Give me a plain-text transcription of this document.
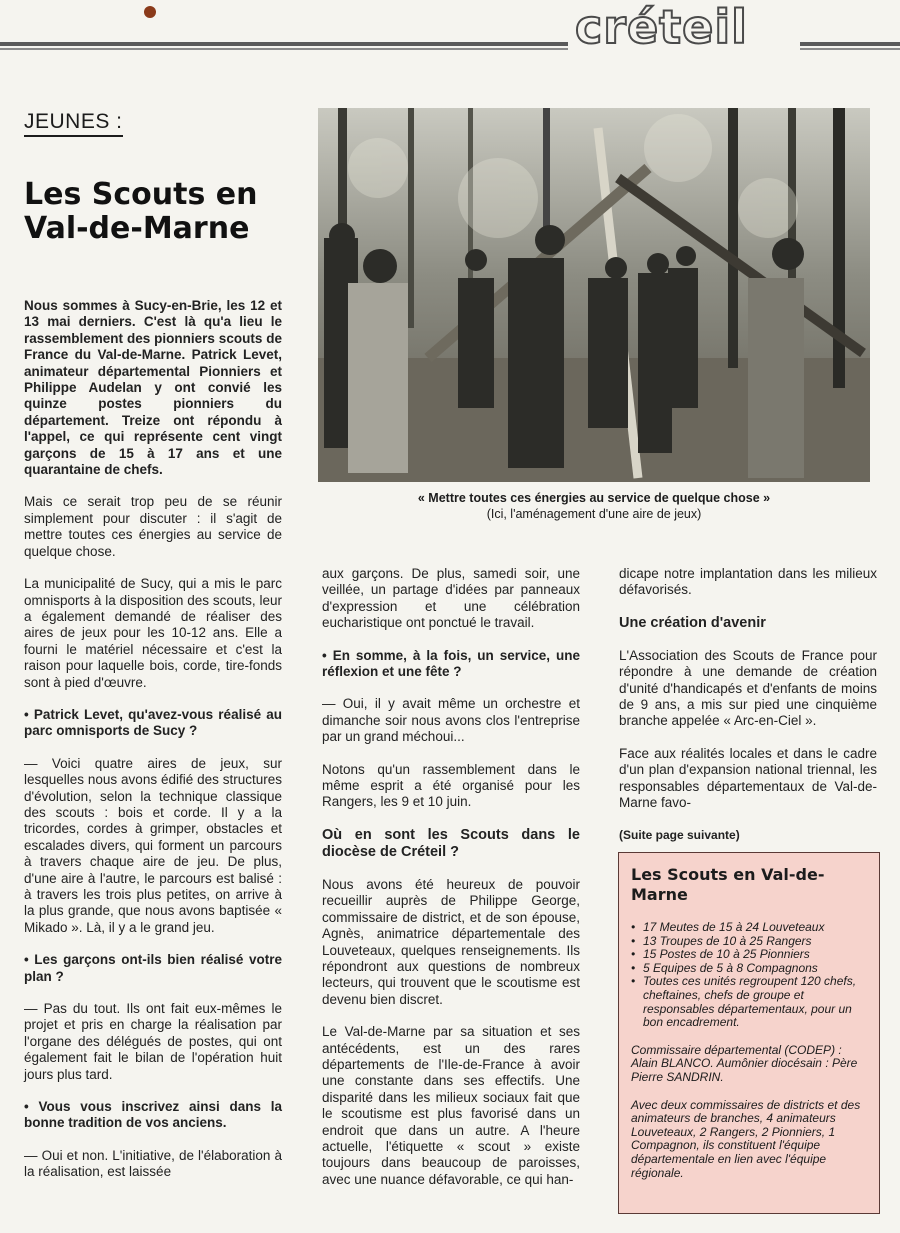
créteil
JEUNES :
Les Scouts en Val-de-Marne

Nous sommes à Sucy-en-Brie, les 12 et 13 mai derniers. C'est là qu'a lieu le rassemblement des pionniers scouts de France du Val-de-Marne. Patrick Levet, animateur départemental Pionniers et Philippe Audelan y ont convié les quinze postes pionniers du département. Treize ont répondu à l'appel, ce qui représente cent vingt garçons de 15 à 17 ans et une quarantaine de chefs.

Mais ce serait trop peu de se réunir simplement pour discuter : il s'agit de mettre toutes ces énergies au service de quelque chose.

La municipalité de Sucy, qui a mis le parc omnisports à la disposition des scouts, leur a également demandé de réaliser des aires de jeux pour les 10-12 ans. Elle a fourni le matériel nécessaire et c'est la raison pour laquelle bois, corde, tire-fonds sont à pied d'œuvre.

• Patrick Levet, qu'avez-vous réalisé au parc omnisports de Sucy ?

— Voici quatre aires de jeux, sur lesquelles nous avons édifié des structures d'évolution, selon la technique classique des scouts : bois et corde. Il y a la tricordes, cordes à grimper, obstacles et escalades divers, qui forment un parcours à travers chaque aire de jeu. De plus, d'une aire à l'autre, le parcours est balisé : à travers les trois plus petites, on arrive à la plus grande, que nous avons baptisée « Mikado ». Là, il y a le grand jeu.

• Les garçons ont-ils bien réalisé votre plan ?

— Pas du tout. Ils ont fait eux-mêmes le projet et pris en charge la réalisation par l'organe des délégués de postes, qui ont également fait le bilan de l'opération huit jours plus tard.

• Vous vous inscrivez ainsi dans la bonne tradition de vos anciens.

— Oui et non. L'initiative, de l'élaboration à la réalisation, est laissée

« Mettre toutes ces énergies au service de quelque chose »
(Ici, l'aménagement d'une aire de jeux)

aux garçons. De plus, samedi soir, une veillée, un partage d'idées par panneaux d'expression et une célébration eucharistique ont ponctué le travail.

• En somme, à la fois, un service, une réflexion et une fête ?

— Oui, il y avait même un orchestre et dimanche soir nous avons clos l'entreprise par un grand méchoui...

Notons qu'un rassemblement dans le même esprit a été organisé pour les Rangers, les 9 et 10 juin.

Où en sont les Scouts dans le diocèse de Créteil ?

Nous avons été heureux de pouvoir recueillir auprès de Philippe George, commissaire de district, et de son épouse, Agnès, animatrice départementale des Louveteaux, quelques renseignements. Ils répondront aux questions de nombreux lecteurs, qui trouvent que le scoutisme est devenu bien discret.

Le Val-de-Marne par sa situation et ses antécédents, est un des rares départements de l'Ile-de-France à avoir une constante dans ses effectifs. Une disparité dans les milieux sociaux fait que le scoutisme est plus favorisé dans un endroit que dans un autre. A l'heure actuelle, l'étiquette « scout » existe toujours dans beaucoup de paroisses, avec une nuance défavorable, ce qui han-

dicape notre implantation dans les milieux défavorisés.

Une création d'avenir

L'Association des Scouts de France pour répondre à une demande de création d'unité d'handicapés et d'enfants de moins de 9 ans, a mis sur pied une cinquième branche appelée « Arc-en-Ciel ».

Face aux réalités locales et dans le cadre d'un plan d'expansion national triennal, les responsables départementaux de Val-de-Marne favo-

(Suite page suivante)

Les Scouts en Val-de-Marne
• 17 Meutes de 15 à 24 Louveteaux
• 13 Troupes de 10 à 25 Rangers
• 15 Postes de 10 à 25 Pionniers
• 5 Equipes de 5 à 8 Compagnons
• Toutes ces unités regroupent 120 chefs, cheftaines, chefs de groupe et responsables départementaux, pour un bon encadrement.

Commissaire départemental (CODEP) : Alain BLANCO. Aumônier diocésain : Père Pierre SANDRIN.

Avec deux commissaires de districts et des animateurs de branches, 4 animateurs Louveteaux, 2 Rangers, 2 Pionniers, 1 Compagnon, ils constituent l'équipe départementale en lien avec l'équipe régionale.
